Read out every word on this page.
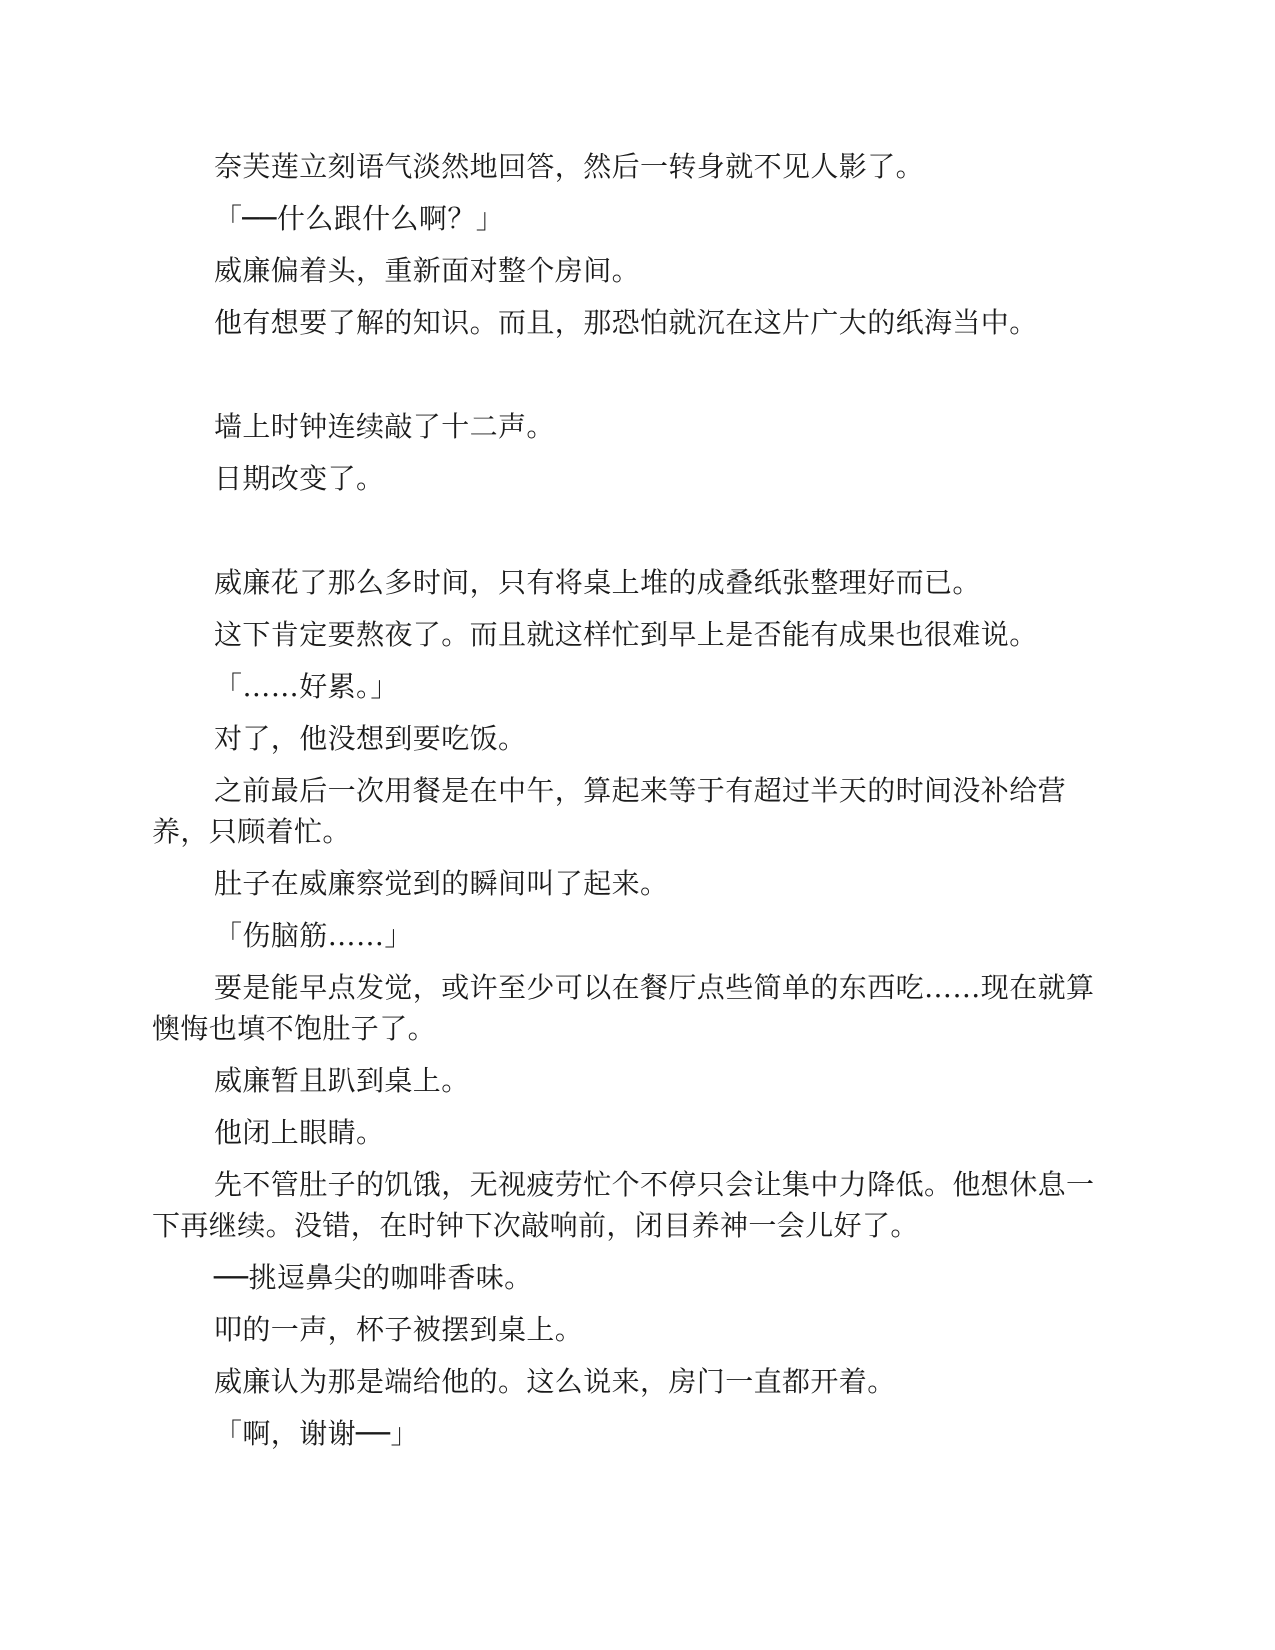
奈芙莲立刻语气淡然地回答，然后一转身就不见人影了。

「──什么跟什么啊？」

威廉偏着头，重新面对整个房间。

他有想要了解的知识。而且，那恐怕就沉在这片广大的纸海当中。

墙上时钟连续敲了十二声。

日期改变了。

威廉花了那么多时间，只有将桌上堆的成叠纸张整理好而已。

这下肯定要熬夜了。而且就这样忙到早上是否能有成果也很难说。

「……好累。」

对了，他没想到要吃饭。

之前最后一次用餐是在中午，算起来等于有超过半天的时间没补给营养，只顾着忙。

肚子在威廉察觉到的瞬间叫了起来。

「伤脑筋……」

要是能早点发觉，或许至少可以在餐厅点些简单的东西吃……现在就算懊悔也填不饱肚子了。

威廉暂且趴到桌上。

他闭上眼睛。

先不管肚子的饥饿，无视疲劳忙个不停只会让集中力降低。他想休息一下再继续。没错，在时钟下次敲响前，闭目养神一会儿好了。

──挑逗鼻尖的咖啡香味。

叩的一声，杯子被摆到桌上。

威廉认为那是端给他的。这么说来，房门一直都开着。

「啊，谢谢──」
